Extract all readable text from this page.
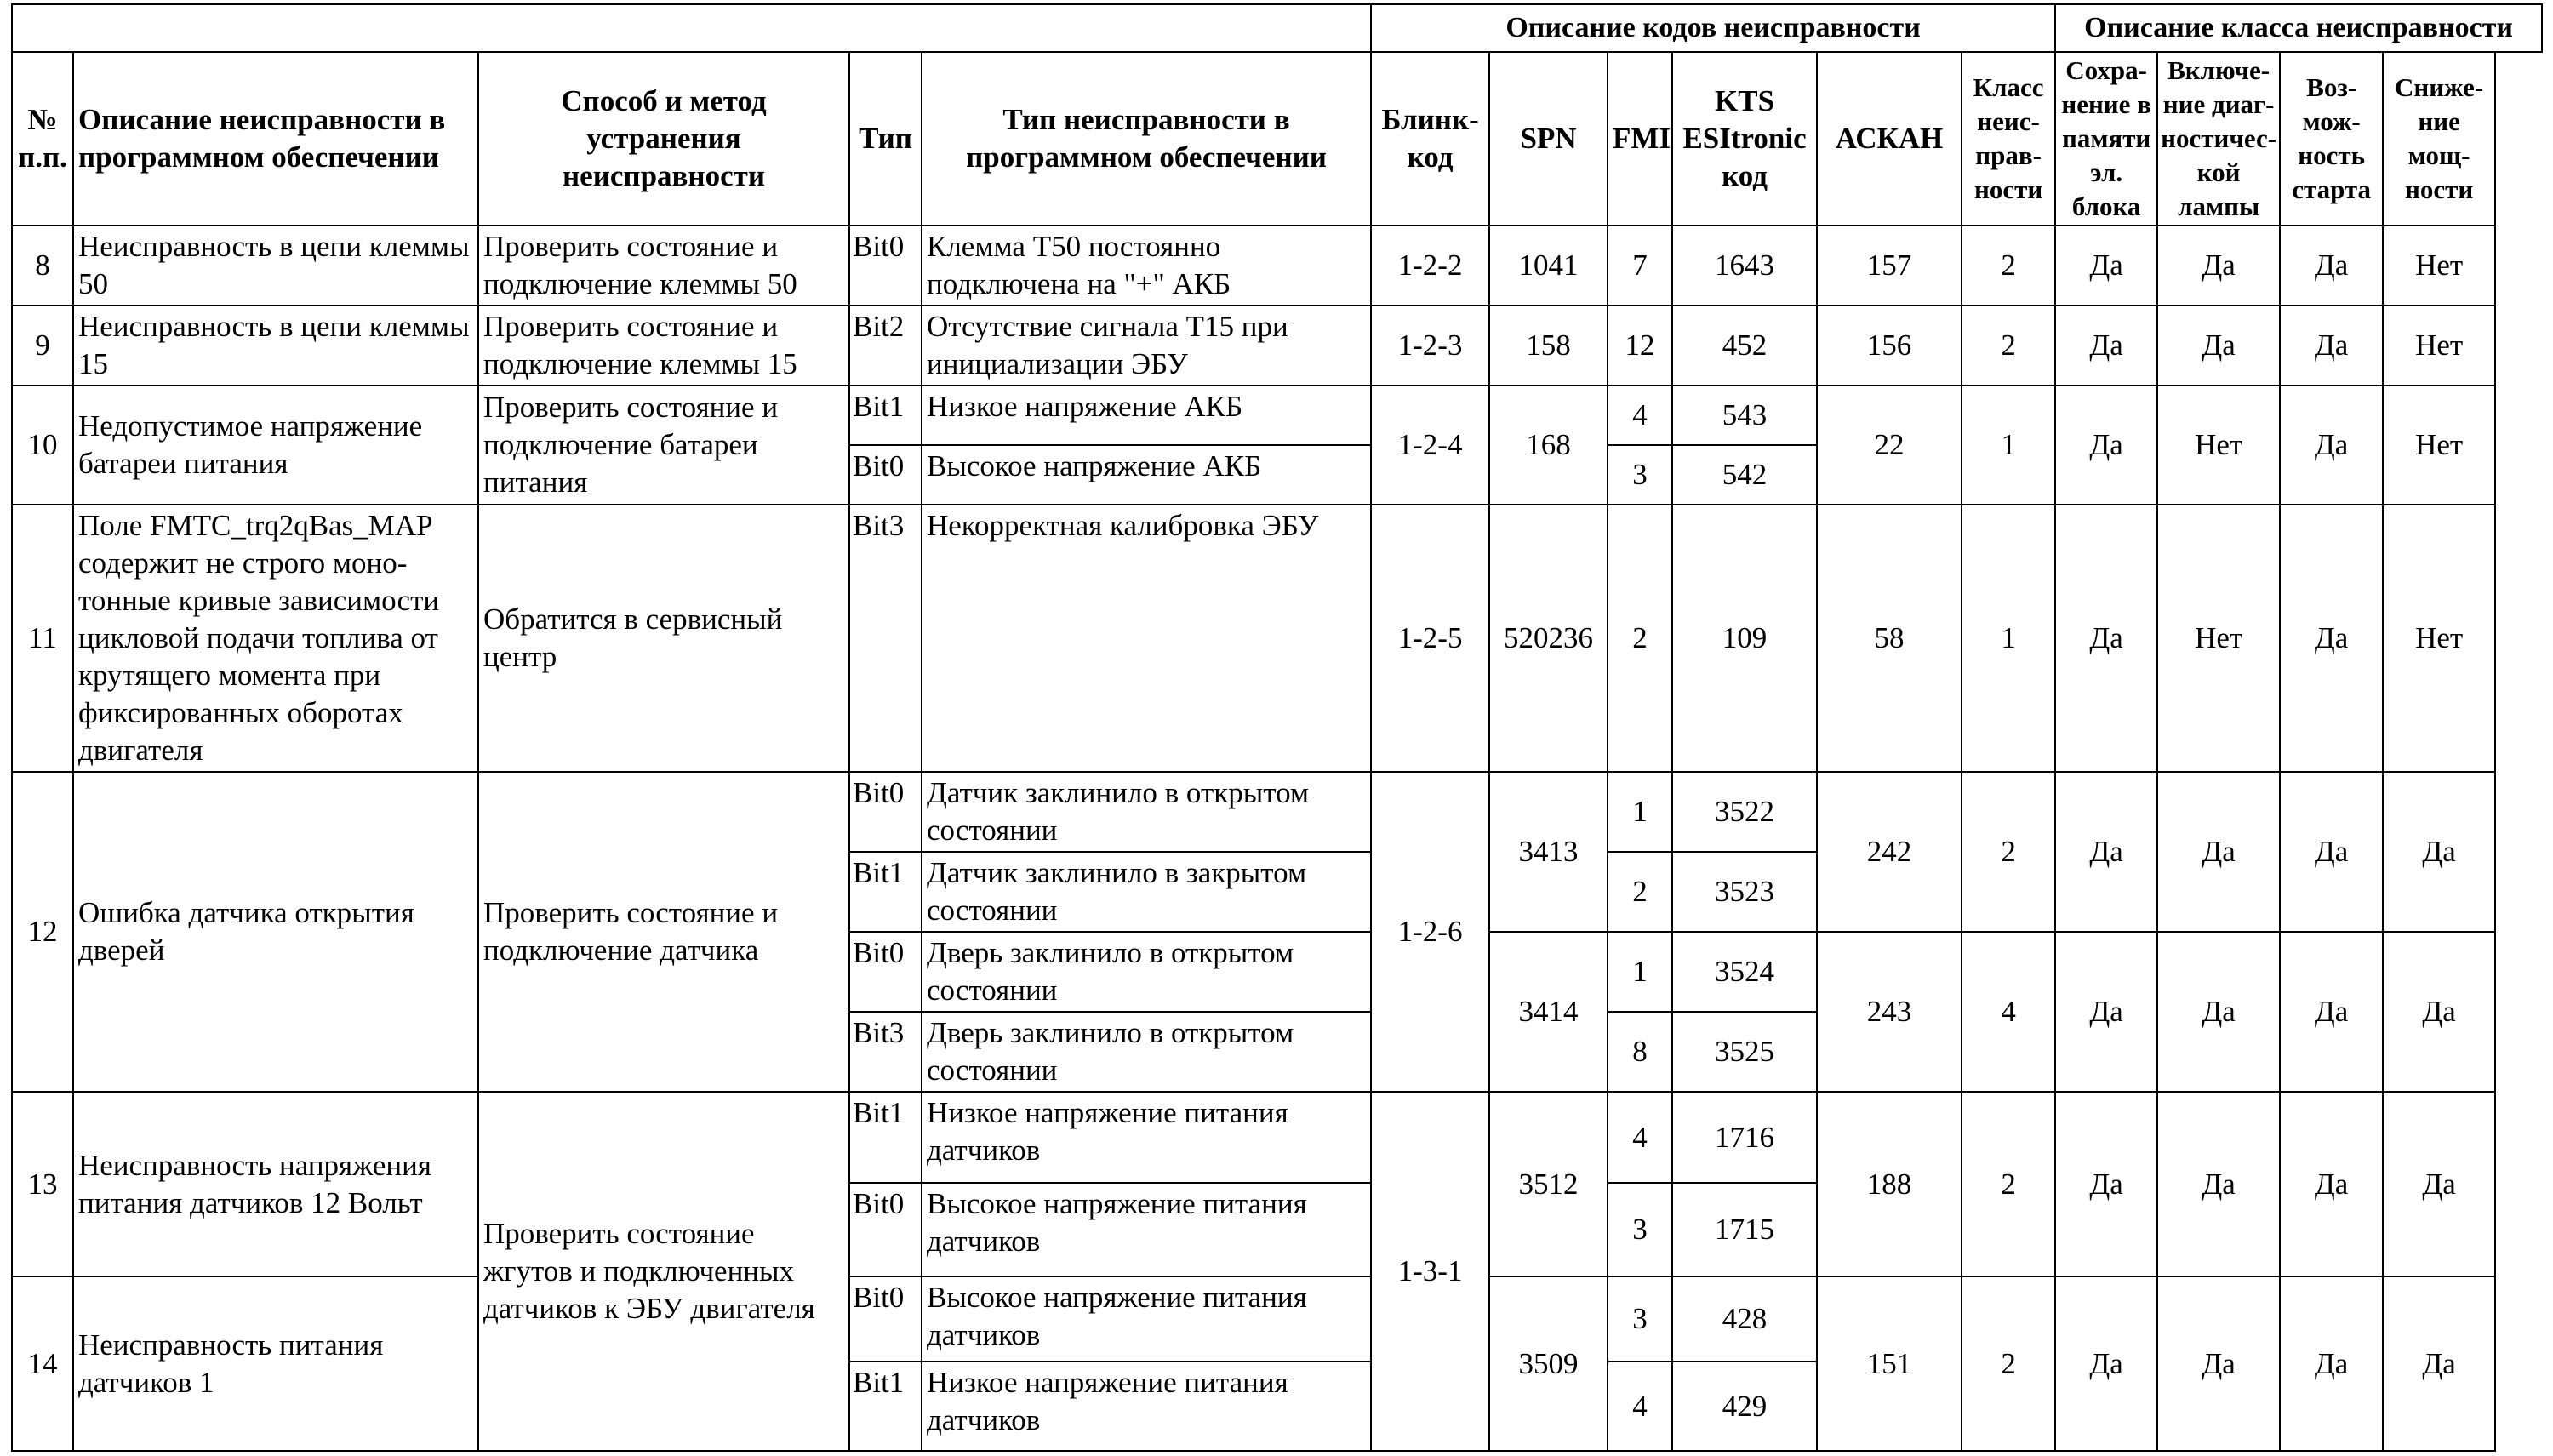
					Описание кодов неисправности						Описание класса неисправности			
№ п.п.	Описание неисправности в программном обеспечении	Способ и метод устранения неисправности	Тип	Тип неисправности в программном обеспечении	Блинк-код	SPN	FMI	KTS ESItronic код	АСКАН	Класс неис-прав-ности	Сохра-нение в памяти эл. блока	Включе-ние диаг-ностичес-кой лампы	Воз-мож-ность старта	Сниже-ние мощ-ности
8	Неисправность в цепи клеммы 50	Проверить состояние и подключение клеммы 50	Bit0	Клемма T50 постоянно подключена на "+" АКБ	1-2-2	1041	7	1643	157	2	Да	Да	Да	Нет
9	Неисправность в цепи клеммы 15	Проверить состояние и подключение клеммы 15	Bit2	Отсутствие сигнала Т15 при инициализации ЭБУ	1-2-3	158	12	452	156	2	Да	Да	Да	Нет
10	Недопустимое напряжение батареи питания	Проверить состояние и подключение батареи питания	Bit1	Низкое напряжение АКБ	1-2-4	168	4	543	22	1	Да	Нет	Да	Нет
			Bit0	Высокое напряжение АКБ			3	542						
11	Поле FMTC_trq2qBas_MAP содержит не строго моно-тонные кривые зависимости цикловой подачи топлива от крутящего момента при фиксированных оборотах двигателя	Обратится в сервисный центр	Bit3	Некорректная калибровка ЭБУ	1-2-5	520236	2	109	58	1	Да	Нет	Да	Нет
12	Ошибка датчика открытия дверей	Проверить состояние и подключение датчика	Bit0	Датчик заклинило в открытом состоянии	1-2-6	3413	1	3522	242	2	Да	Да	Да	Да
			Bit1	Датчик заклинило в закрытом состоянии			2	3523						
			Bit0	Дверь заклинило в открытом состоянии		3414	1	3524	243	4	Да	Да	Да	Да
			Bit3	Дверь заклинило в открытом состоянии			8	3525						
13	Неисправность напряжения питания датчиков 12 Вольт	Проверить состояние жгутов и подключенных датчиков к ЭБУ двигателя	Bit1	Низкое напряжение питания датчиков	1-3-1	3512	4	1716	188	2	Да	Да	Да	Да
			Bit0	Высокое напряжение питания датчиков			3	1715						
14	Неисправность питания датчиков 1		Bit0	Высокое напряжение питания датчиков		3509	3	428	151	2	Да	Да	Да	Да
			Bit1	Низкое напряжение питания датчиков			4	429						
